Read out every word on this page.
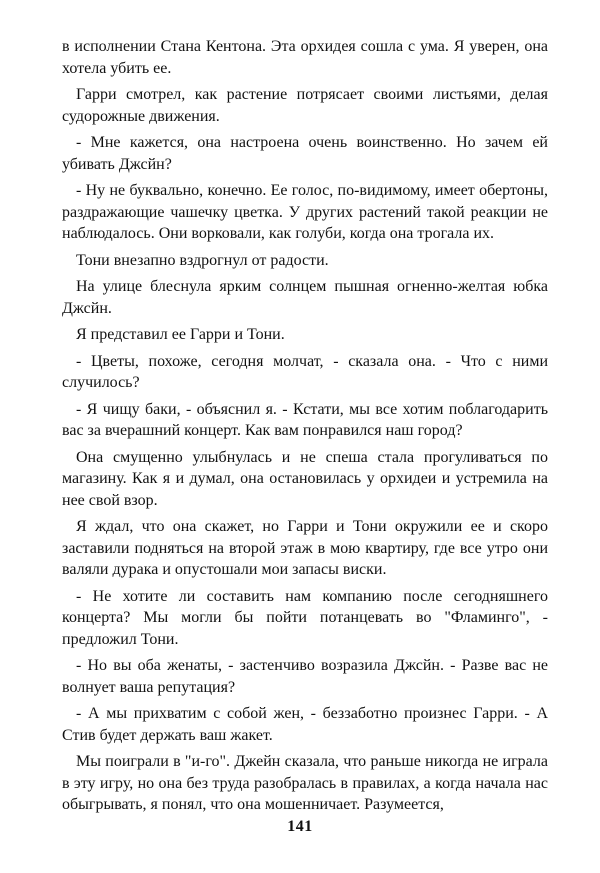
в исполнении Стана Кентона. Эта орхидея сошла с ума. Я уверен, она хотела убить ее.

Гарри смотрел, как растение потрясает своими листьями, делая судорожные движения.

- Мне кажется, она настроена очень воинственно. Но зачем ей убивать Джсйн?

- Ну не буквально, конечно. Ее голос, по-видимому, имеет обертоны, раздражающие чашечку цветка. У других растений такой реакции не наблюдалось. Они ворковали, как голуби, когда она трогала их.

Тони внезапно вздрогнул от радости.

На улице блеснула ярким солнцем пышная огненно-желтая юбка Джсйн.

Я представил ее Гарри и Тони.

- Цветы, похоже, сегодня молчат, - сказала она. - Что с ними случилось?

- Я чищу баки, - объяснил я. - Кстати, мы все хотим поблагодарить вас за вчерашний концерт. Как вам понравился наш город?

Она смущенно улыбнулась и не спеша стала прогуливаться по магазину. Как я и думал, она остановилась у орхидеи и устремила на нее свой взор.

Я ждал, что она скажет, но Гарри и Тони окружили ее и скоро заставили подняться на второй этаж в мою квартиру, где все утро они валяли дурака и опустошали мои запасы виски.

- Не хотите ли составить нам компанию после сегодняшнего концерта? Мы могли бы пойти потанцевать во "Фламинго", - предложил Тони.

- Но вы оба женаты, - застенчиво возразила Джсйн. - Разве вас не волнует ваша репутация?

- А мы прихватим с собой жен, - беззаботно произнес Гарри. - А Стив будет держать ваш жакет.

Мы поиграли в "и-го". Джейн сказала, что раньше никогда не играла в эту игру, но она без труда разобралась в правилах, а когда начала нас обыгрывать, я понял, что она мошенничает. Разумеется,

141
